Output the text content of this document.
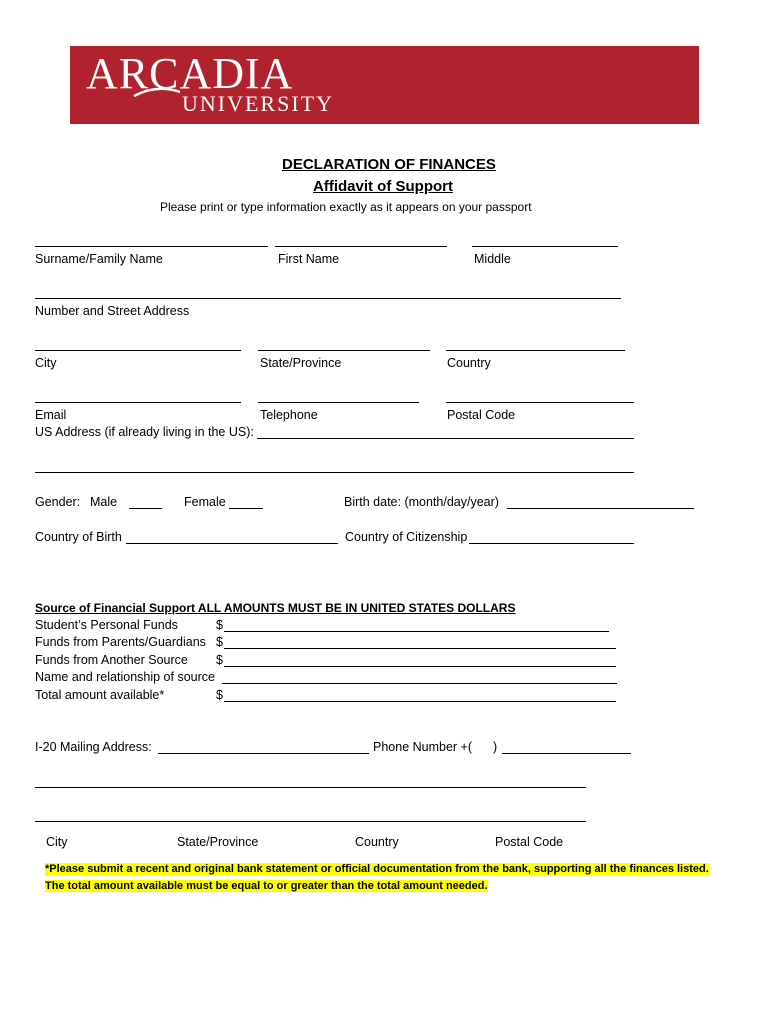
ARCADIA
UNIVERSITY
DECLARATION OF FINANCES
Affidavit of Support
Please print or type information exactly as it appears on your passport
Surname/Family Name	First Name	Middle
Number and Street Address
City	State/Province	Country
Email	Telephone	Postal Code
US Address (if already living in the US):
Gender: Male	Female	Birth date: (month/day/year)
Country of Birth	Country of Citizenship
Source of Financial Support ALL AMOUNTS MUST BE IN UNITED STATES DOLLARS
Student’s Personal Funds	$
Funds from Parents/Guardians $
Funds from Another Source $
Name and relationship of source
Total amount available*	$
I-20 Mailing Address:	Phone Number +( )
City	State/Province	Country	Postal Code
*Please submit a recent and original bank statement or official documentation from the bank, supporting all the finances listed.
The total amount available must be equal to or greater than the total amount needed.
